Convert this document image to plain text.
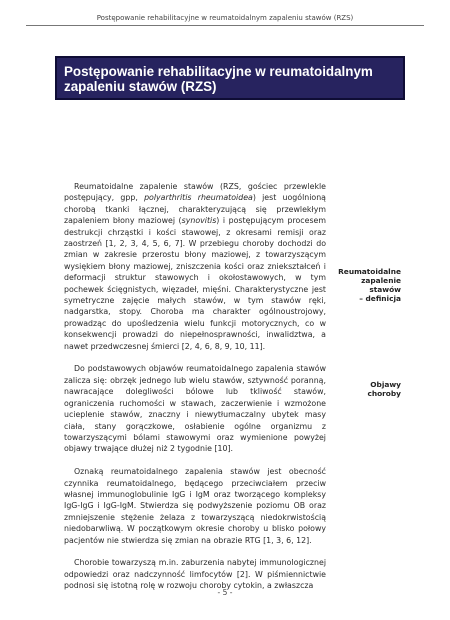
Postępowanie rehabilitacyjne w reumatoidalnym zapaleniu stawów (RZS)
Postępowanie rehabilitacyjne w reumatoidalnym
zapaleniu stawów (RZS)

Reumatoidalne zapalenie stawów (RZS, gościec przewlekle postępujący, gpp, polyarthritis rheumatoidea) jest uogólnioną chorobą tkanki łącznej, charakteryzującą się przewlekłym zapaleniem błony maziowej (synovitis) i postępującym procesem destrukcji chrząstki i kości stawowej, z okresami remisji oraz zaostrzeń [1, 2, 3, 4, 5, 6, 7]. W przebiegu choroby dochodzi do zmian w zakresie przerostu błony maziowej, z towarzyszącym wysiękiem błony maziowej, zniszczenia kości oraz zniekształceń i deformacji struktur stawowych i okołostawowych, w tym pochewek ścięgnistych, więzadeł, mięśni. Charakterystyczne jest symetryczne zajęcie małych stawów, w tym stawów ręki, nadgarstka, stopy. Choroba ma charakter ogólnoustrojowy, prowadząc do upośledzenia wielu funkcji motorycznych, co w konsekwencji prowadzi do niepełnosprawności, inwalidztwa, a nawet przedwczesnej śmierci [2, 4, 6, 8, 9, 10, 11].

Do podstawowych objawów reumatoidalnego zapalenia stawów zalicza się: obrzęk jednego lub wielu stawów, sztywność poranną, nawracające dolegliwości bólowe lub tkliwość stawów, ograniczenia ruchomości w stawach, zaczerwienie i wzmożone ucieplenie stawów, znaczny i niewytłumaczalny ubytek masy ciała, stany gorączkowe, osłabienie ogólne organizmu z towarzyszącymi bólami stawowymi oraz wymienione powyżej objawy trwające dłużej niż 2 tygodnie [10].

Oznaką reumatoidalnego zapalenia stawów jest obecność czynnika reumatoidalnego, będącego przeciwciałem przeciw własnej immunoglobulinie IgG i IgM oraz tworzącego kompleksy IgG-IgG i IgG-IgM. Stwierdza się podwyższenie poziomu OB oraz zmniejszenie stężenie żelaza z towarzyszącą niedokrwistością niedobarwliwą. W początkowym okresie choroby u blisko połowy pacjentów nie stwierdza się zmian na obrazie RTG [1, 3, 6, 12].

Chorobie towarzyszą m.in. zaburzenia nabytej immunologicznej odpowiedzi oraz nadczynność limfocytów [2]. W piśmiennictwie podnosi się istotną rolę w rozwoju choroby cytokin, a zwłaszcza

Reumatoidalne
zapalenie
stawów
– definicja
Objawy
choroby
- 5 -
